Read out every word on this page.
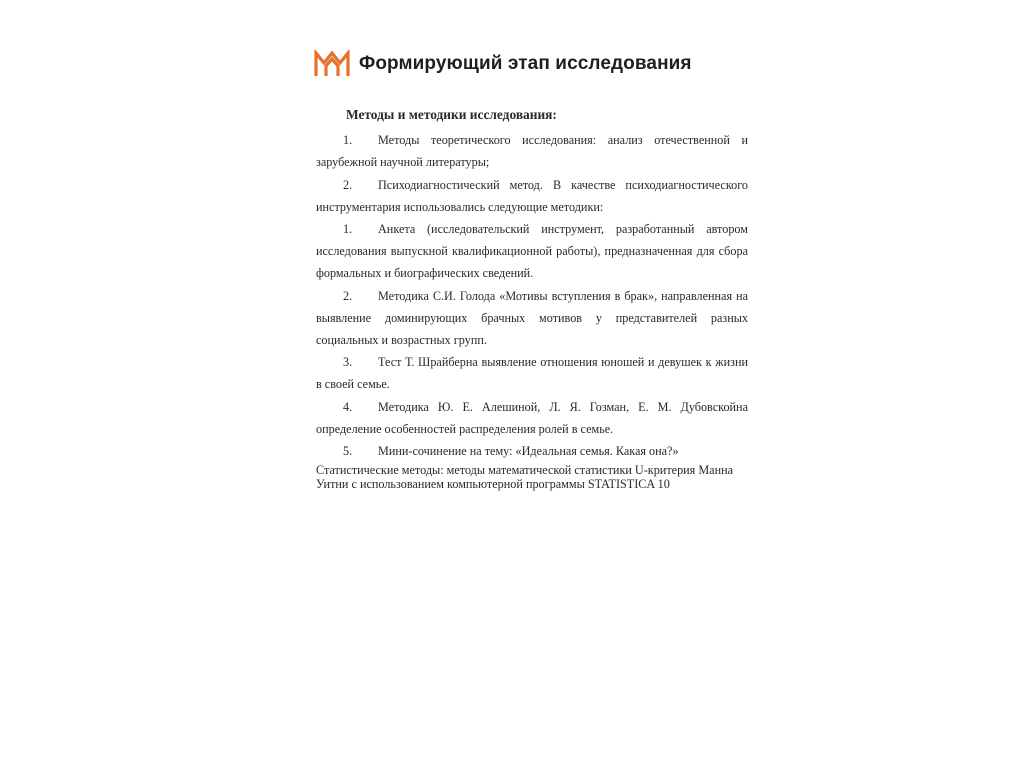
Формирующий этап исследования
Методы и методики исследования:

1. Методы теоретического исследования: анализ отечественной и зарубежной научной литературы;

2. Психодиагностический метод. В качестве психодиагностического инструментария использовались следующие методики:

1. Анкета (исследовательский инструмент, разработанный автором исследования выпускной квалификационной работы), предназначенная для сбора формальных и биографических сведений.

2. Методика С.И. Голода «Мотивы вступления в брак», направленная на выявление доминирующих брачных мотивов у представителей разных социальных и возрастных групп.

3. Тест Т. Шрайберна выявление отношения юношей и девушек к жизни в своей семье.

4. Методика Ю. Е. Алешиной, Л. Я. Гозман, Е. М. Дубовскойна определение особенностей распределения ролей в семье.

5. Мини-сочинение на тему: «Идеальная семья. Какая она?»

Статистические методы: методы математической статистики U-критерия Манна Уитни с использованием компьютерной программы STATISTICA 10
